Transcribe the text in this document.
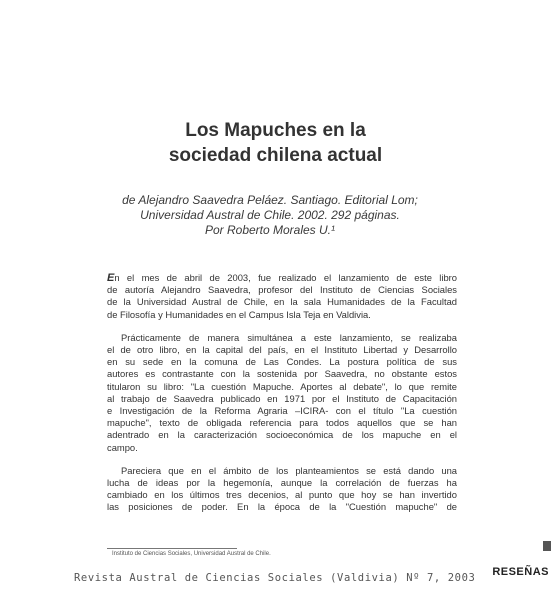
Los Mapuches en la
sociedad chilena actual
de Alejandro Saavedra Peláez. Santiago. Editorial Lom;
Universidad Austral de Chile. 2002. 292 páginas.
Por Roberto Morales U.¹

En el mes de abril de 2003, fue realizado el lanzamiento de este libro
de autoría Alejandro Saavedra, profesor del Instituto de Ciencias Sociales
de la Universidad Austral de Chile, en la sala Humanidades de la Facultad
de Filosofía y Humanidades en el Campus Isla Teja en Valdivia.

Prácticamente de manera simultánea a este lanzamiento, se realizaba
el de otro libro, en la capital del país, en el Instituto Libertad y Desarrollo
en su sede en la comuna de Las Condes. La postura política de sus
autores es contrastante con la sostenida por Saavedra, no obstante estos
titularon su libro: "La cuestión Mapuche. Aportes al debate", lo que remite
al trabajo de Saavedra publicado en 1971 por el Instituto de Capacitación
e Investigación de la Reforma Agraria –ICIRA- con el título "La cuestión
mapuche", texto de obligada referencia para todos aquellos que se han
adentrado en la caracterización socioeconómica de los mapuche en el
campo.

Pareciera que en el ámbito de los planteamientos se está dando una
lucha de ideas por la hegemonía, aunque la correlación de fuerzas ha
cambiado en los últimos tres decenios, al punto que hoy se han invertido
las posiciones de poder. En la época de la "Cuestión mapuche" de

Instituto de Ciencias Sociales, Universidad Austral de Chile.
Revista Austral de Ciencias Sociales (Valdivia) Nº 7, 2003 RESEÑAS
